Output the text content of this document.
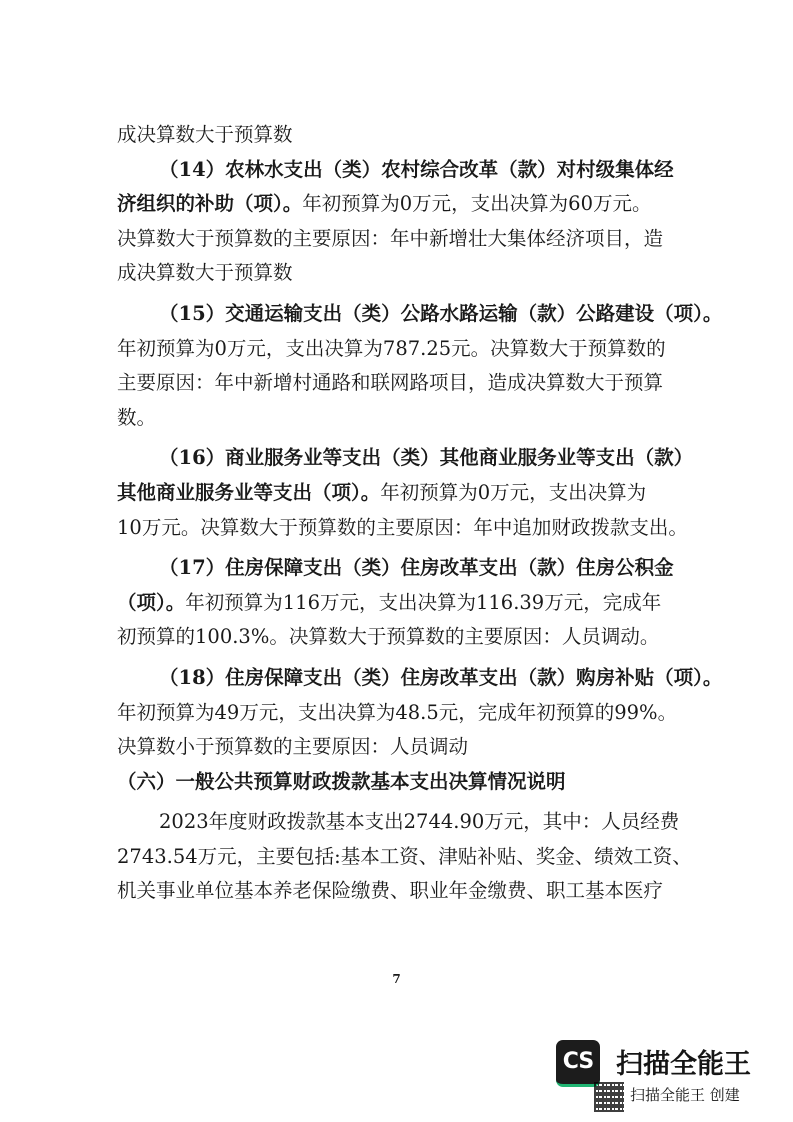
成决算数大于预算数
（14）农林水支出（类）农村综合改革（款）对村级集体经
济组织的补助（项）。年初预算为0万元，支出决算为60万元。
决算数大于预算数的主要原因：年中新增壮大集体经济项目，造
成决算数大于预算数
（15）交通运输支出（类）公路水路运输（款）公路建设（项）。
年初预算为0万元，支出决算为787.25元。决算数大于预算数的
主要原因：年中新增村通路和联网路项目，造成决算数大于预算
数。
（16）商业服务业等支出（类）其他商业服务业等支出（款）
其他商业服务业等支出（项）。年初预算为0万元，支出决算为
10万元。决算数大于预算数的主要原因：年中追加财政拨款支出。
（17）住房保障支出（类）住房改革支出（款）住房公积金
（项）。年初预算为116万元，支出决算为116.39万元，完成年
初预算的100.3%。决算数大于预算数的主要原因：人员调动。
（18）住房保障支出（类）住房改革支出（款）购房补贴（项）。
年初预算为49万元，支出决算为48.5元，完成年初预算的99%。
决算数小于预算数的主要原因：人员调动
（六）一般公共预算财政拨款基本支出决算情况说明
2023年度财政拨款基本支出2744.90万元，其中：人员经费
2743.54万元，主要包括:基本工资、津贴补贴、奖金、绩效工资、
机关事业单位基本养老保险缴费、职业年金缴费、职工基本医疗
7
CS 扫描全能王
扫描全能王 创建
